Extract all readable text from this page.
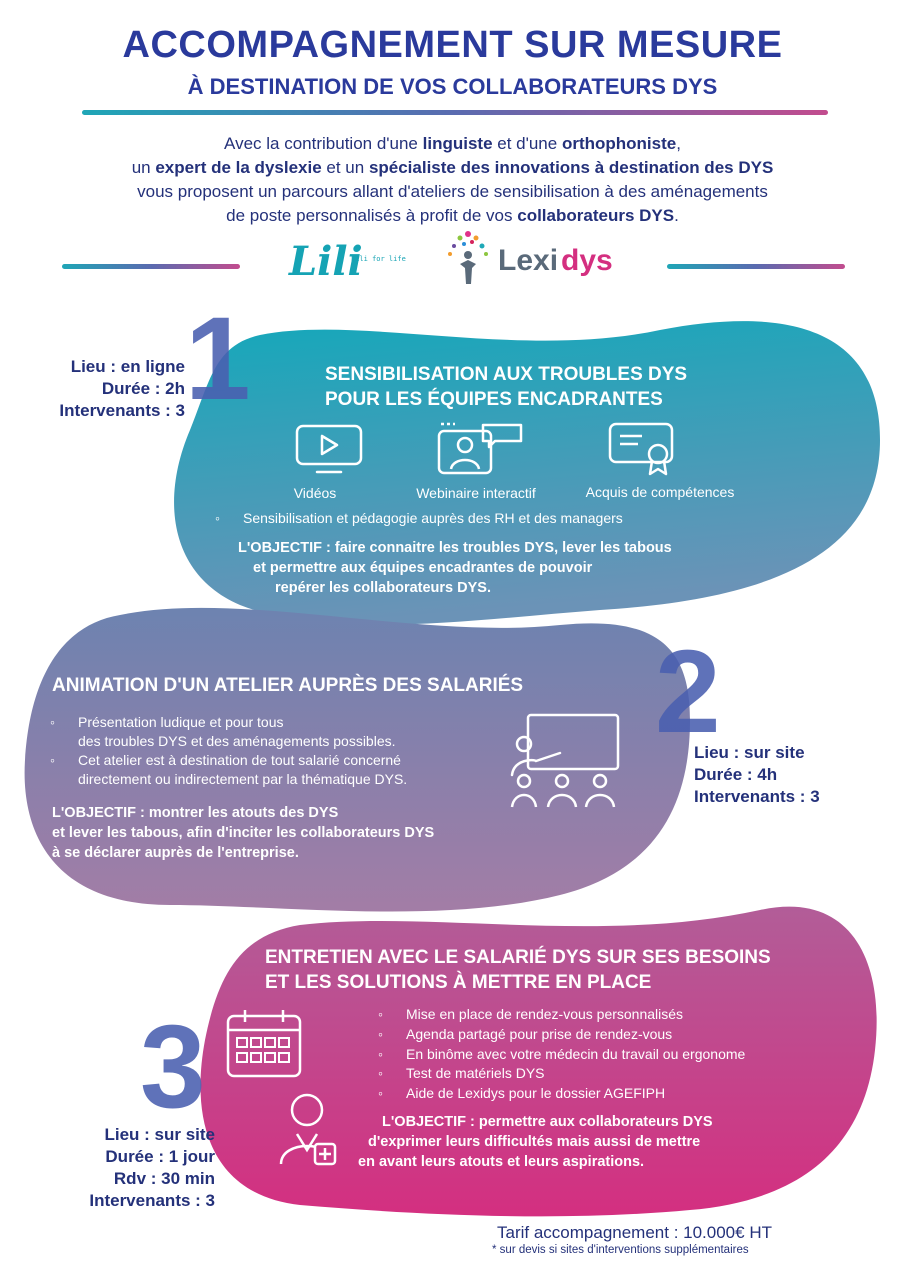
ACCOMPAGNEMENT SUR MESURE
À DESTINATION DE VOS COLLABORATEURS DYS
Avec la contribution d'une linguiste et d'une orthophoniste,
un expert de la dyslexie et un spécialiste des innovations à destination des DYS
vous proposent un parcours allant d'ateliers de sensibilisation à des aménagements
de poste personnalisés à profit de vos collaborateurs DYS.
Lili
Lili for life	Lexi dys
1
Lieu : en ligne
Durée : 2h
Intervenants : 3
SENSIBILISATION AUX TROUBLES DYS
POUR LES ÉQUIPES ENCADRANTES
Vidéos	Webinaire interactif	Acquis de compétences
◦ Sensibilisation et pédagogie auprès des RH et des managers
L'OBJECTIF : faire connaitre les troubles DYS, lever les tabous
et permettre aux équipes encadrantes de pouvoir
repérer les collaborateurs DYS.
2
Lieu : sur site
Durée : 4h
Intervenants : 3
ANIMATION D'UN ATELIER AUPRÈS DES SALARIÉS
◦ Présentation ludique et pour tous
des troubles DYS et des aménagements possibles.
◦ Cet atelier est à destination de tout salarié concerné
directement ou indirectement par la thématique DYS.
L'OBJECTIF : montrer les atouts des DYS
et lever les tabous, afin d'inciter les collaborateurs DYS
à se déclarer auprès de l'entreprise.
3
Lieu : sur site
Durée : 1 jour
Rdv : 30 min
Intervenants : 3
ENTRETIEN AVEC LE SALARIÉ DYS SUR SES BESOINS
ET LES SOLUTIONS À METTRE EN PLACE
◦ Mise en place de rendez-vous personnalisés
◦ Agenda partagé pour prise de rendez-vous
◦ En binôme avec votre médecin du travail ou ergonome
◦ Test de matériels DYS
◦ Aide de Lexidys pour le dossier AGEFIPH
L'OBJECTIF : permettre aux collaborateurs DYS
d'exprimer leurs difficultés mais aussi de mettre
en avant leurs atouts et leurs aspirations.
Tarif accompagnement : 10.000€ HT
* sur devis si sites d'interventions supplémentaires
